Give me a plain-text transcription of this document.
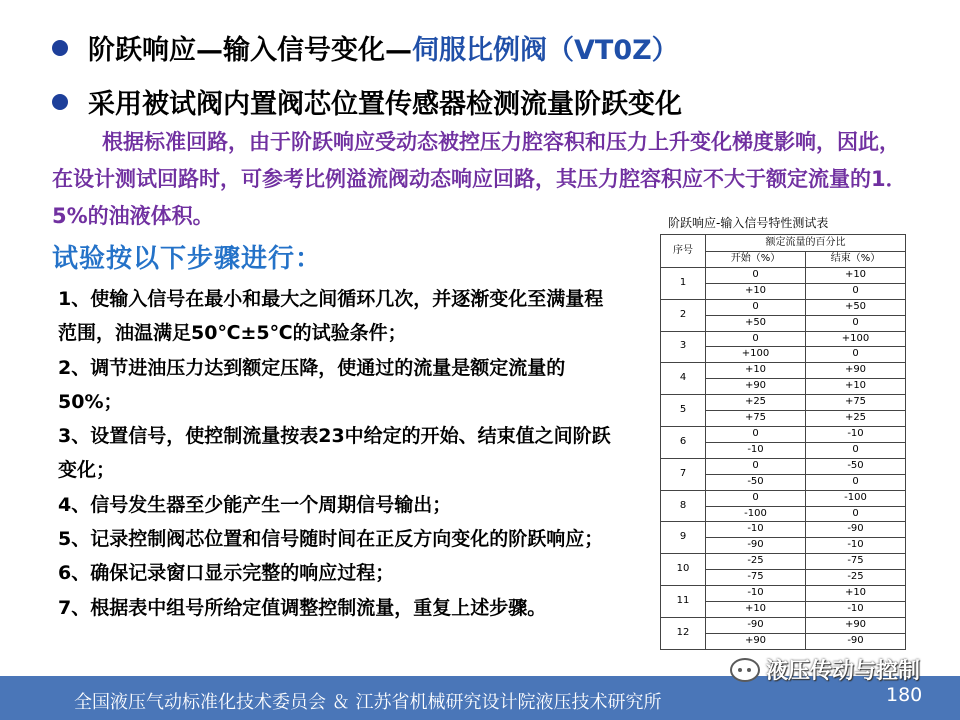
阶跃响应—输入信号变化— 伺服比例阀（VT0Z）
采用被试阀内置阀芯位置传感器检测流量阶跃变化
根据标准回路，由于阶跃响应受动态被控压力腔容积和压力上升变化梯度影响，因此，在设计测试回路时，可参考比例溢流阀动态响应回路，其压力腔容积应不大于额定流量的1．5%的油液体积。
试验按以下步骤进行：

1、使输入信号在最小和最大之间循环几次，并逐渐变化至满量程范围，油温满足50℃±5℃的试验条件；

2、调节进油压力达到额定压降，使通过的流量是额定流量的50%；

3、设置信号，使控制流量按表23中给定的开始、结束值之间阶跃变化；

4、信号发生器至少能产生一个周期信号输出；

5、记录控制阀芯位置和信号随时间在正反方向变化的阶跃响应；

6、确保记录窗口显示完整的响应过程；

7、根据表中组号所给定值调整控制流量，重复上述步骤。

阶跃响应-输入信号特性测试表
序号	额定流量的百分比	
	开始（%）	结束（%）
1	0	+10
	+10	0
2	0	+50
	+50	0
3	0	+100
	+100	0
4	+10	+90
	+90	+10
5	+25	+75
	+75	+25
6	0	-10
	-10	0
7	0	-50
	-50	0
8	0	-100
	-100	0
9	-10	-90
	-90	-10
10	-25	-75
	-75	-25
11	-10	+10
	+10	-10
12	-90	+90
	+90	-90
全国液压气动标准化技术委员会 ＆ 江苏省机械研究设计院液压技术研究所	180
液压传动与控制
